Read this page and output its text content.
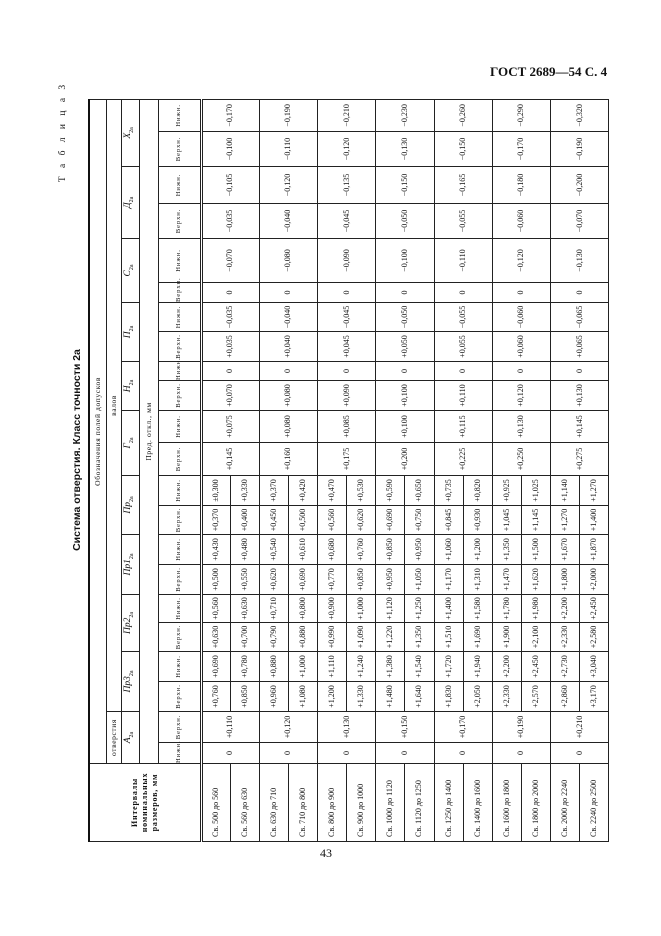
ГОСТ 2689—54 С. 4
Т а б л и ц а 3
Система отверстия. Класс точности 2а
Интервалы номинальных размеров, мм	Обозначения полей допусков																					
	отверстия		валов																			
	$A_{2а}$		$Пр3_{2а}$		$Пр2_{2а}$		$Пр1_{2а}$		$Пр_{2а}$		$Г_{2а}$		$Н_{2а}$		$П_{2а}$		$С_{2а}$		$Д_{2а}$		$Х_{2а}$
	Пред. откл., мм																					
	Нижн.	Верхн.	Верхн.	Нижн.	Верхн.	Нижн.	Верхн.	Нижн.	Верхн.	Нижн.	Верхн.	Нижн.	Верхн.	Нижн.	Верхн.	Нижн.	Верхн.	Нижн.	Верхн.	Нижн.	Верхн.	Нижн.
Св. 500 до 560	0	+0,110	+0,760	+0,690	+0,630	+0,560	+0,500	+0,430	+0,370	±0,300	+0,145	+0,075	+0,070	0	+0,035	−0,035	0	−0,070	−0,035	−0,105	−0,100	−0,170
Св. 560 до 630			+0,850	+0,780	+0,700	+0,630	+0,550	+0,480	+0,400	+0,330												
Св. 630 до 710	0	+0,120	+0,960	+0,880	+0,790	+0,710	+0,620	+0,540	+0,450	+0,370	+0,160	+0,080	+0,080	0	+0,040	−0,040	0	−0,080	−0,040	−0,120	−0,110	−0,190
Св. 710 до 800			+1,080	+1,000	+0,880	+0,800	+0,690	+0,610	+0,500	+0,420												
Св. 800 до 900	0	+0,130	+1,200	+1,110	+0,990	+0,900	+0,770	+0,680	+0,560	+0,470	+0,175	+0,085	+0,090	0	+0,045	−0,045	0	−0,090	−0,045	−0,135	−0,120	−0,210
Св. 900 до 1000			+1,330	+1,240	+1,090	+1,000	+0,850	+0,760	+0,620	+0,530												
Св. 1000 до 1120	0	+0,150	+1,480	+1,380	+1,220	+1,120	+0,950	+0,850	+0,690	+0,590	+0,200	+0,100	+0,100	0	+0,050	−0,050	0	−0,100	−0,050	−0,150	−0,130	−0,230
Св. 1120 до 1250			+1,640	+1,540	+1,350	+1,250	+1,050	+0,950	+0,750	+0,650												
Св. 1250 до 1400	0	+0,170	+1,830	+1,720	+1,510	+1,400	+1,170	+1,060	+0,845	+0,735	+0,225	+0,115	+0,110	0	+0,055	−0,055	0	−0,110	−0,055	−0,165	−0,150	−0,260
Св. 1400 до 1600			+2,050	+1,940	+1,690	+1,580	+1,310	+1,200	+0,930	+0,820												
Св. 1600 до 1800	0	+0,190	+2,330	+2,200	+1,900	+1,780	+1,470	+1,350	+1,045	+0,925	+0,250	+0,130	+0,120	0	+0,060	−0,060	0	−0,120	−0,060	−0,180	−0,170	−0,290
Св. 1800 до 2000			+2,570	+2,450	+2,100	+1,980	+1,620	+1,500	+1,145	+1,025												
Св. 2000 до 2240	0	+0,210	+2,860	+2,730	+2,330	+2,200	+1,800	+1,670	+1,270	+1,140	+0,275	+0,145	+0,130	0	+0,065	−0,065	0	−0,130	−0,070	−0,200	−0,190	−0,320
Св. 2240 до 2500			+3,170	+3,040	+2,580	+2,450	+2,000	+1,870	+1,400	+1,270												
43
